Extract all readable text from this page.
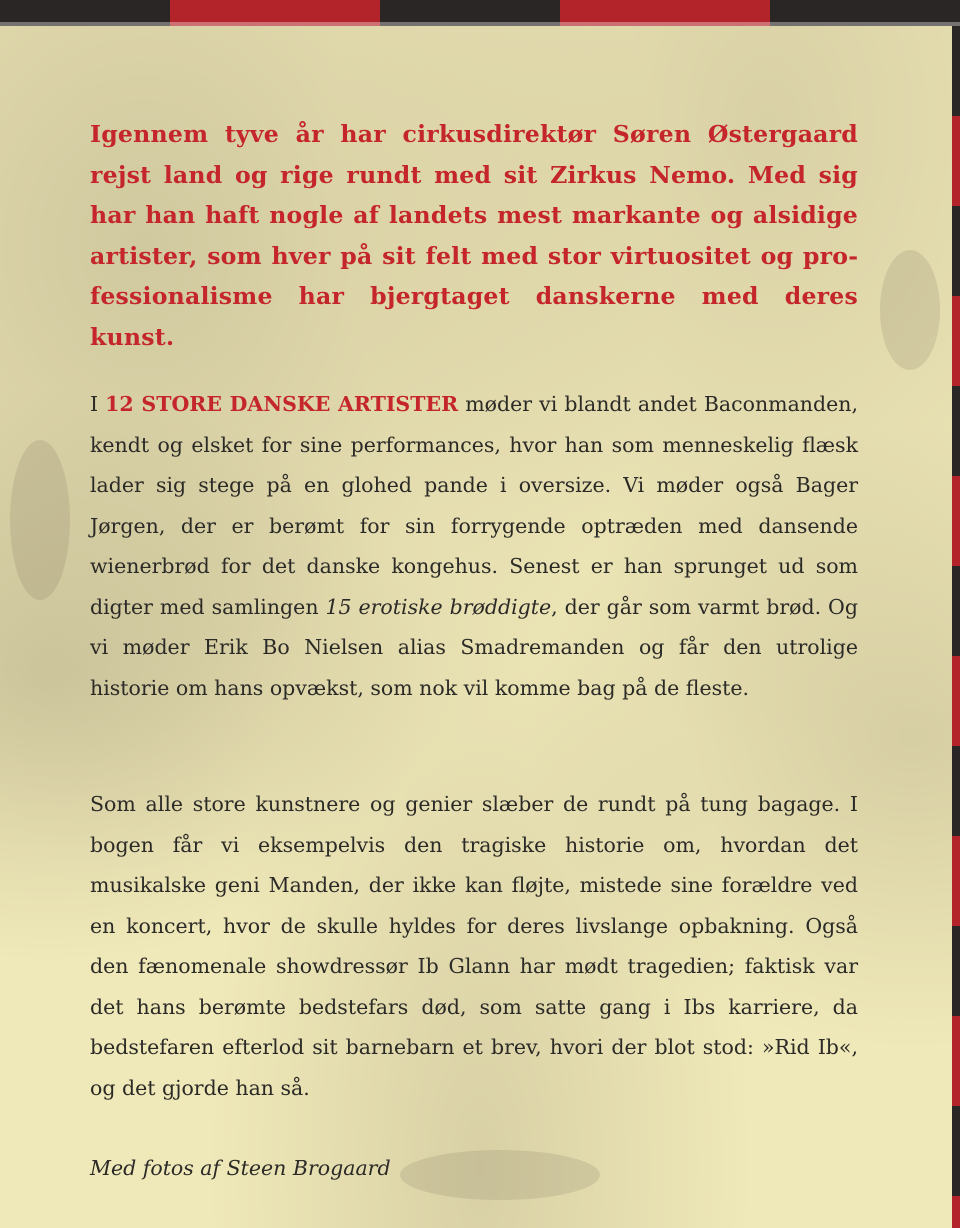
Igennem tyve år har cirkusdirektør Søren Østergaard rejst land og rige rundt med sit Zirkus Nemo. Med sig har han haft nogle af landets mest markante og alsidige artister, som hver på sit felt med stor virtuositet og professionalisme har bjergtaget danskerne med deres kunst.

I 12 STORE DANSKE ARTISTER møder vi blandt andet Baconmanden, kendt og elsket for sine performances, hvor han som menneskelig flæsk lader sig stege på en glohed pande i oversize. Vi møder også Bager Jørgen, der er berømt for sin forrygende optræden med dansende wienerbrød for det danske kongehus. Senest er han sprunget ud som digter med samlingen 15 erotiske brøddigte, der går som varmt brød. Og vi møder Erik Bo Nielsen alias Smadremanden og får den utrolige historie om hans opvækst, som nok vil komme bag på de fleste.

Som alle store kunstnere og genier slæber de rundt på tung bagage. I bogen får vi eksempelvis den tragiske historie om, hvordan det musikalske geni Manden, der ikke kan fløjte, mistede sine forældre ved en koncert, hvor de skulle hyldes for deres livslange opbakning. Også den fænomenale showdressør Ib Glann har mødt tragedien; faktisk var det hans berømte bedstefars død, som satte gang i Ibs karriere, da bedstefaren efterlod sit barnebarn et brev, hvori der blot stod: »Rid Ib«, og det gjorde han så.

Med fotos af Steen Brogaard
